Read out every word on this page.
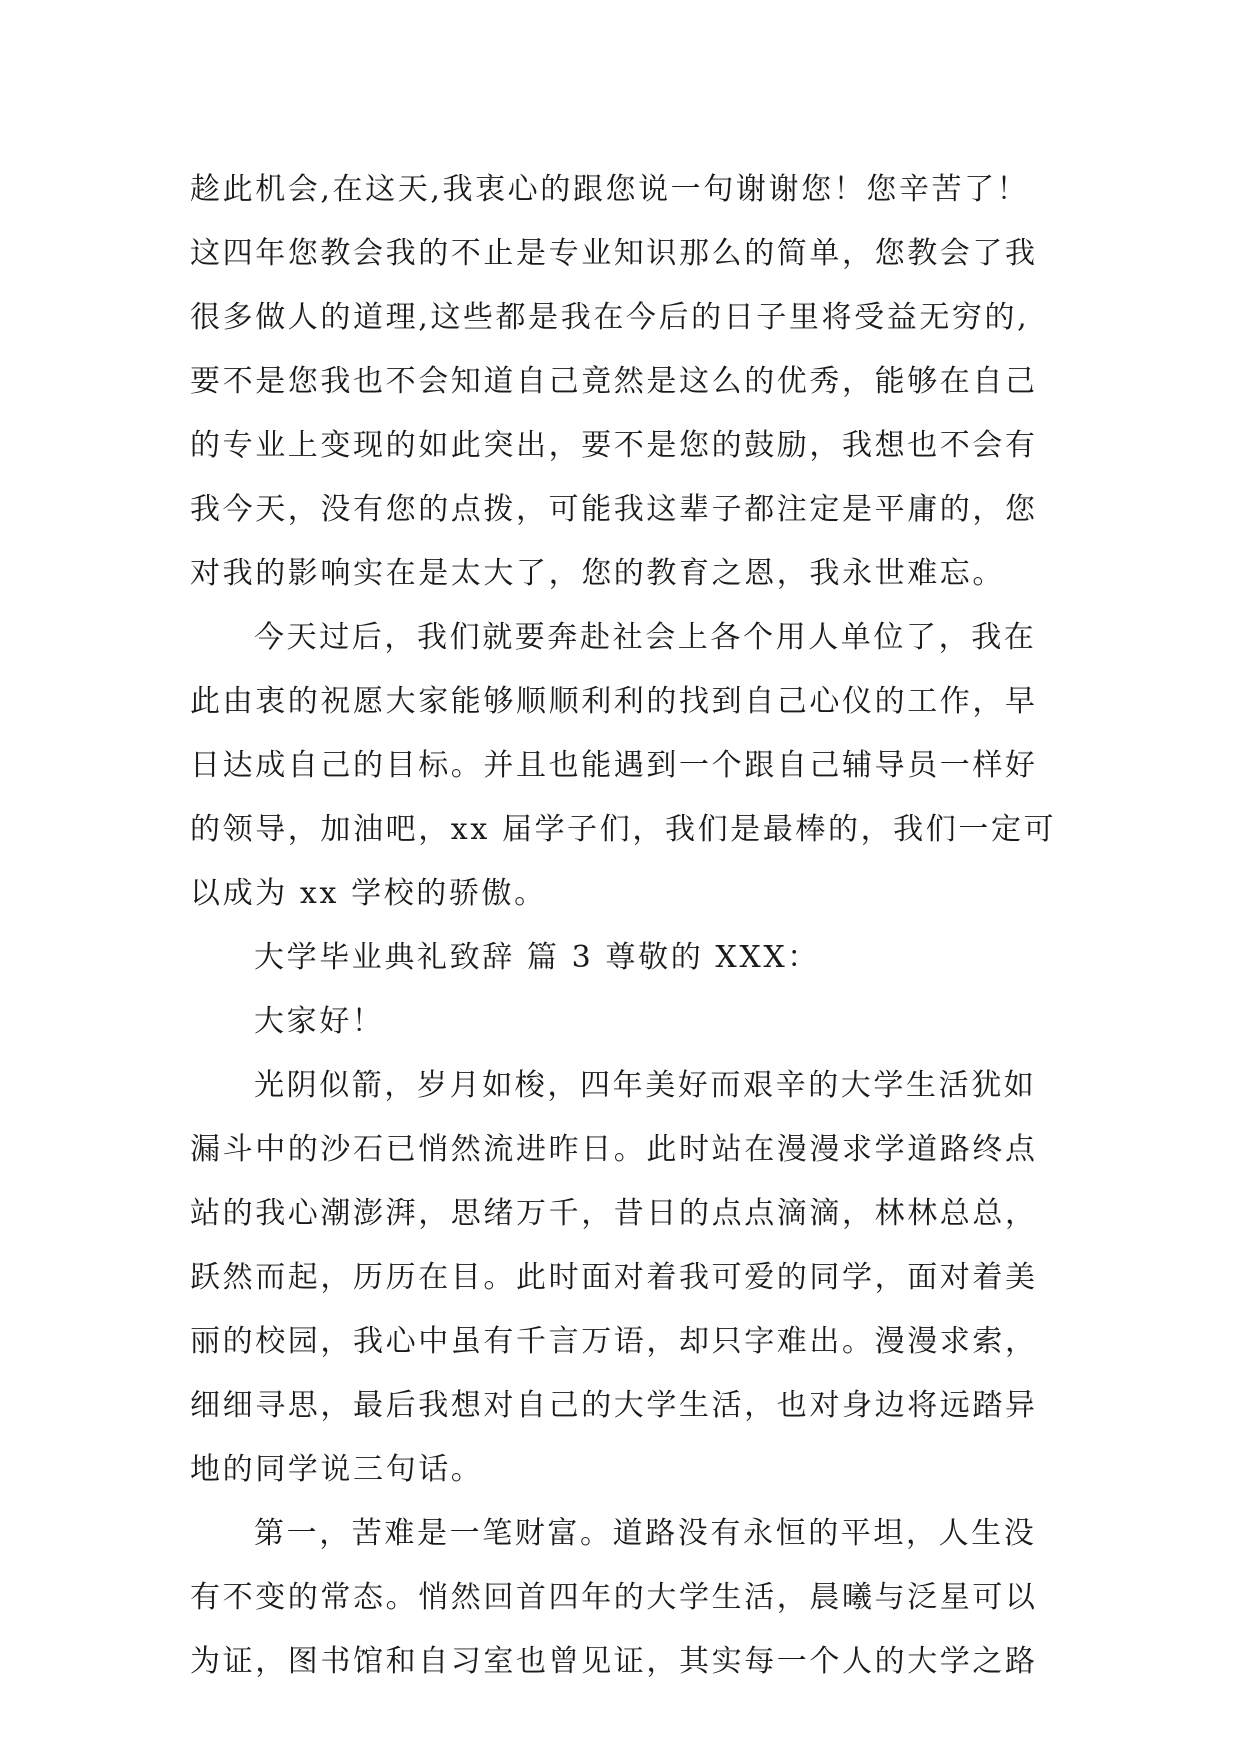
趁此机会,在这天,我衷心的跟您说一句谢谢您！您辛苦了！
这四年您教会我的不止是专业知识那么的简单，您教会了我
很多做人的道理,这些都是我在今后的日子里将受益无穷的,
要不是您我也不会知道自己竟然是这么的优秀，能够在自己
的专业上变现的如此突出，要不是您的鼓励，我想也不会有
我今天，没有您的点拨，可能我这辈子都注定是平庸的，您
对我的影响实在是太大了，您的教育之恩，我永世难忘。
今天过后，我们就要奔赴社会上各个用人单位了，我在
此由衷的祝愿大家能够顺顺利利的找到自己心仪的工作，早
日达成自己的目标。并且也能遇到一个跟自己辅导员一样好
的领导，加油吧，xx 届学子们，我们是最棒的，我们一定可
以成为 xx 学校的骄傲。
大学毕业典礼致辞 篇 3 尊敬的 XXX：
大家好！
光阴似箭，岁月如梭，四年美好而艰辛的大学生活犹如
漏斗中的沙石已悄然流进昨日。此时站在漫漫求学道路终点
站的我心潮澎湃，思绪万千，昔日的点点滴滴，林林总总，
跃然而起，历历在目。此时面对着我可爱的同学，面对着美
丽的校园，我心中虽有千言万语，却只字难出。漫漫求索，
细细寻思，最后我想对自己的大学生活，也对身边将远踏异
地的同学说三句话。
第一，苦难是一笔财富。道路没有永恒的平坦，人生没
有不变的常态。悄然回首四年的大学生活，晨曦与泛星可以
为证，图书馆和自习室也曾见证，其实每一个人的大学之路
